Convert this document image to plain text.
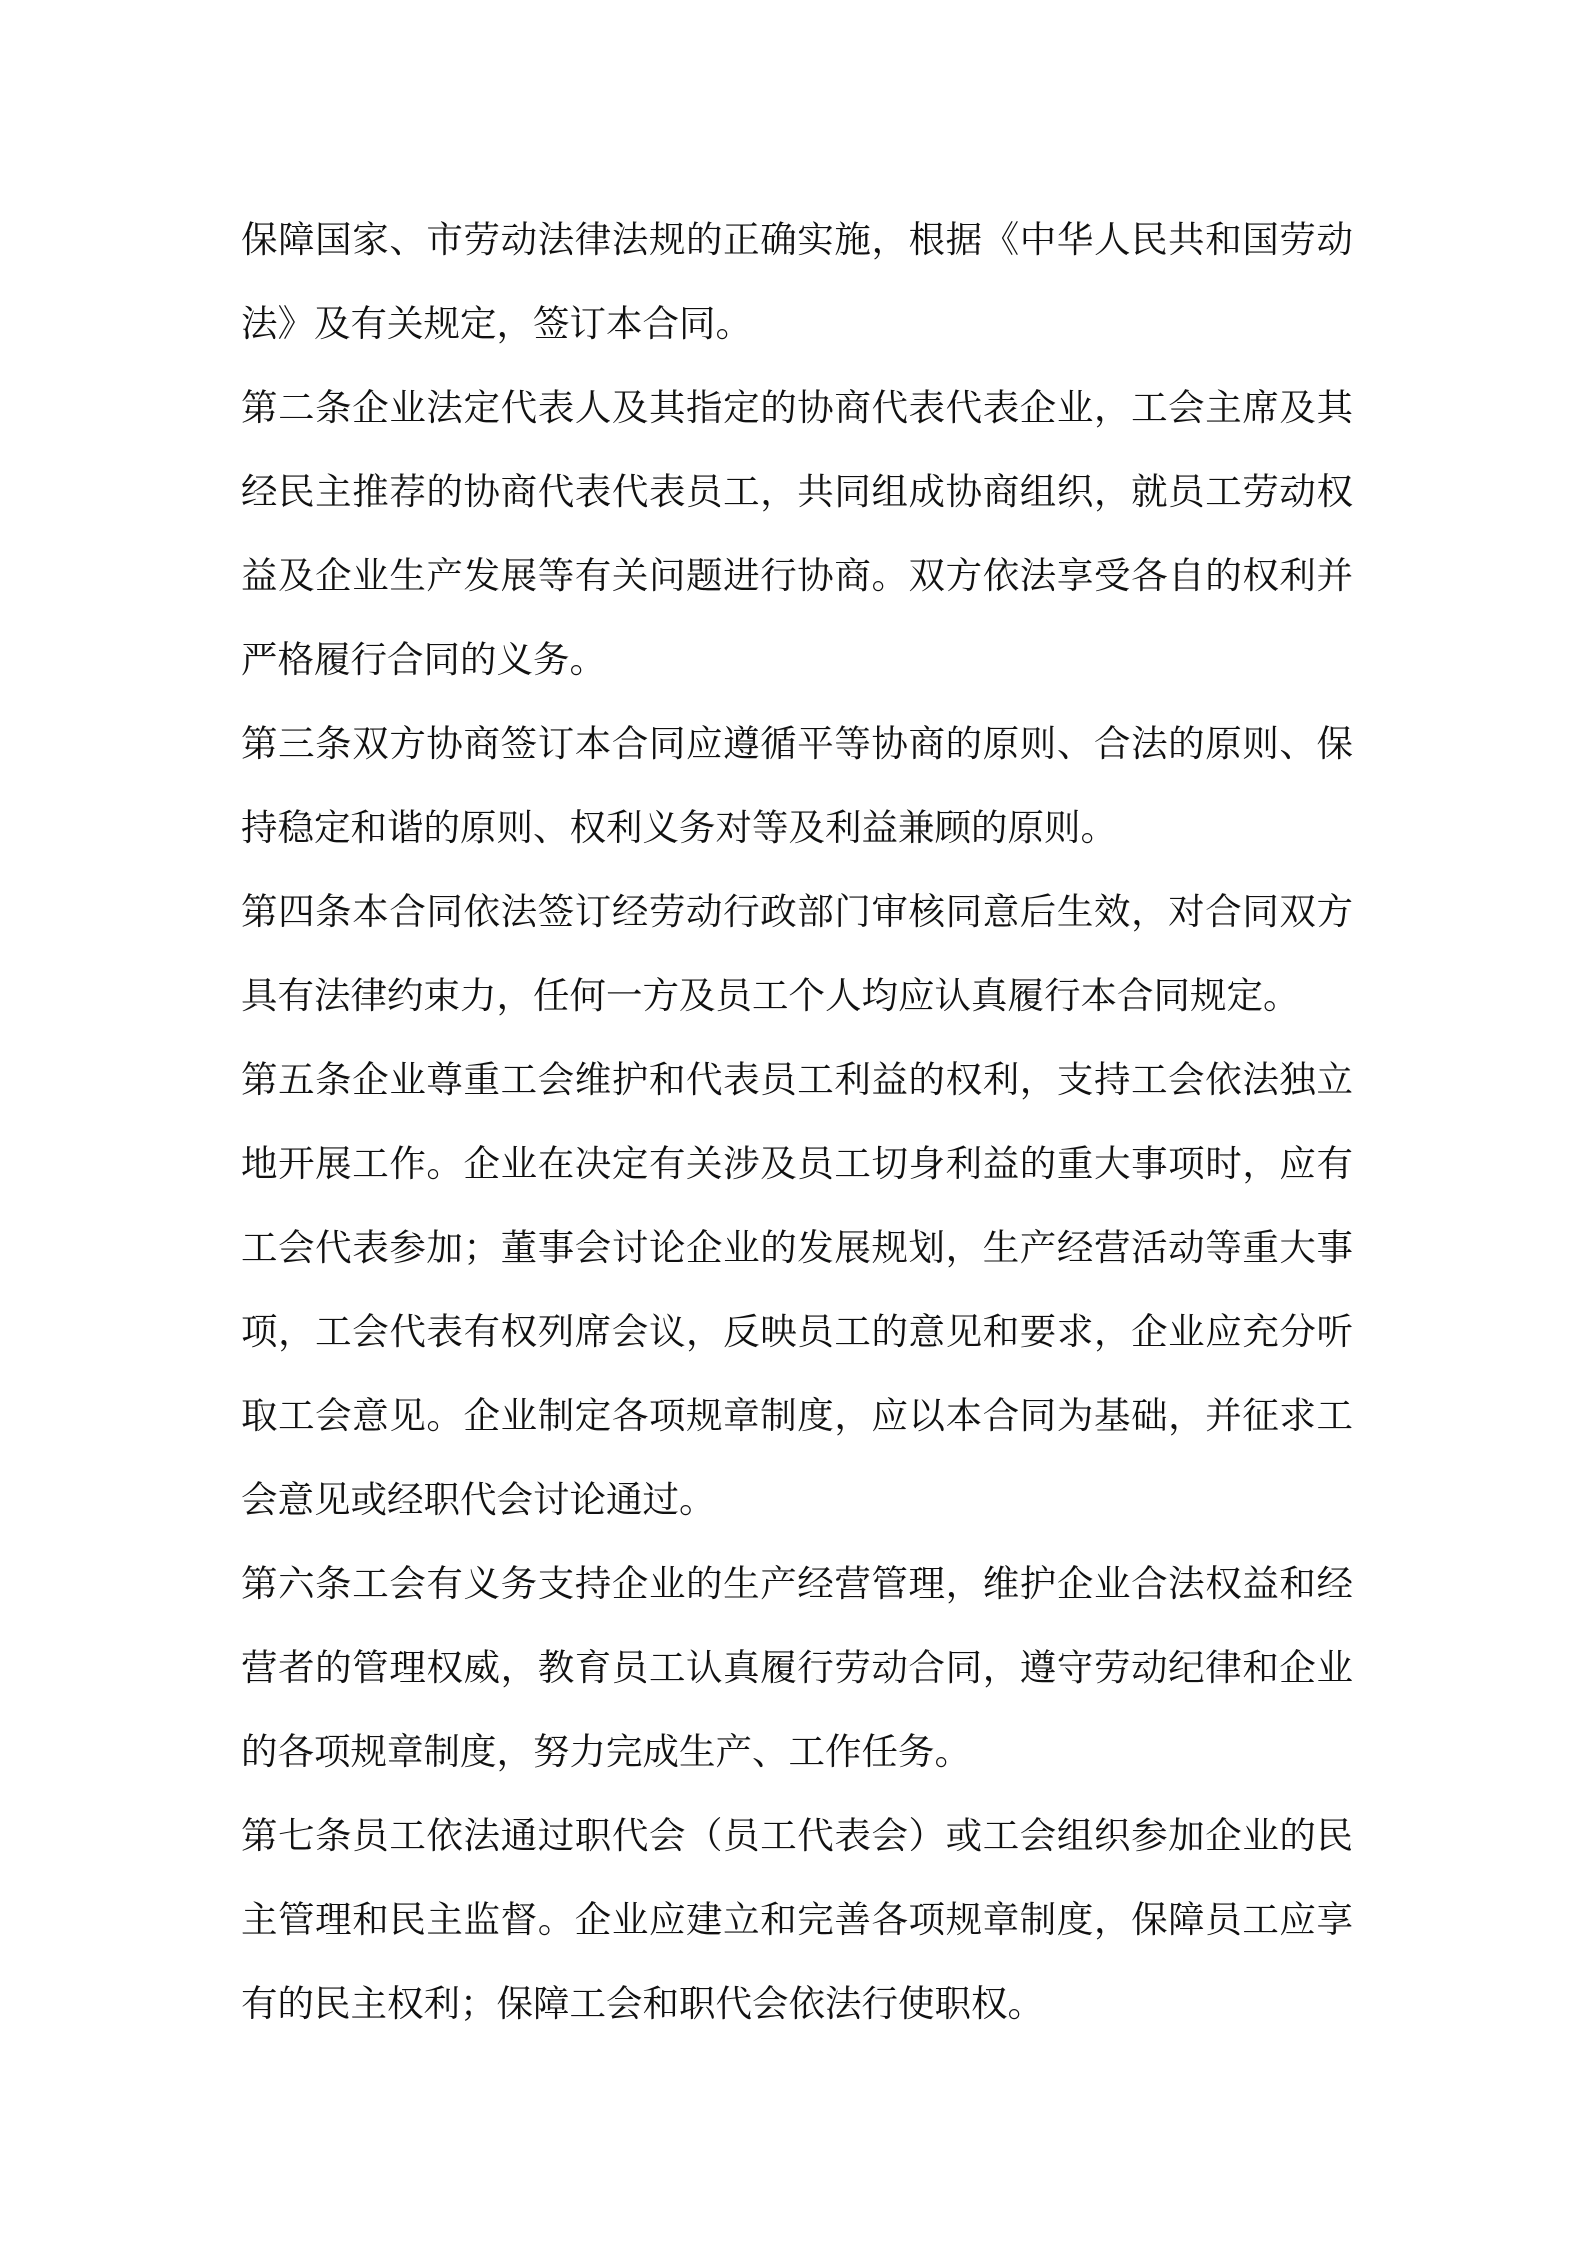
保障国家、市劳动法律法规的正确实施，根据《中华人民共和国劳动法》及有关规定，签订本合同。

第二条企业法定代表人及其指定的协商代表代表企业，工会主席及其经民主推荐的协商代表代表员工，共同组成协商组织，就员工劳动权益及企业生产发展等有关问题进行协商。双方依法享受各自的权利并严格履行合同的义务。

第三条双方协商签订本合同应遵循平等协商的原则、合法的原则、保持稳定和谐的原则、权利义务对等及利益兼顾的原则。

第四条本合同依法签订经劳动行政部门审核同意后生效，对合同双方具有法律约束力，任何一方及员工个人均应认真履行本合同规定。

第五条企业尊重工会维护和代表员工利益的权利，支持工会依法独立地开展工作。企业在决定有关涉及员工切身利益的重大事项时，应有工会代表参加；董事会讨论企业的发展规划，生产经营活动等重大事项，工会代表有权列席会议，反映员工的意见和要求，企业应充分听取工会意见。企业制定各项规章制度，应以本合同为基础，并征求工会意见或经职代会讨论通过。

第六条工会有义务支持企业的生产经营管理，维护企业合法权益和经营者的管理权威，教育员工认真履行劳动合同，遵守劳动纪律和企业的各项规章制度，努力完成生产、工作任务。

第七条员工依法通过职代会（员工代表会）或工会组织参加企业的民主管理和民主监督。企业应建立和完善各项规章制度，保障员工应享有的民主权利；保障工会和职代会依法行使职权。
